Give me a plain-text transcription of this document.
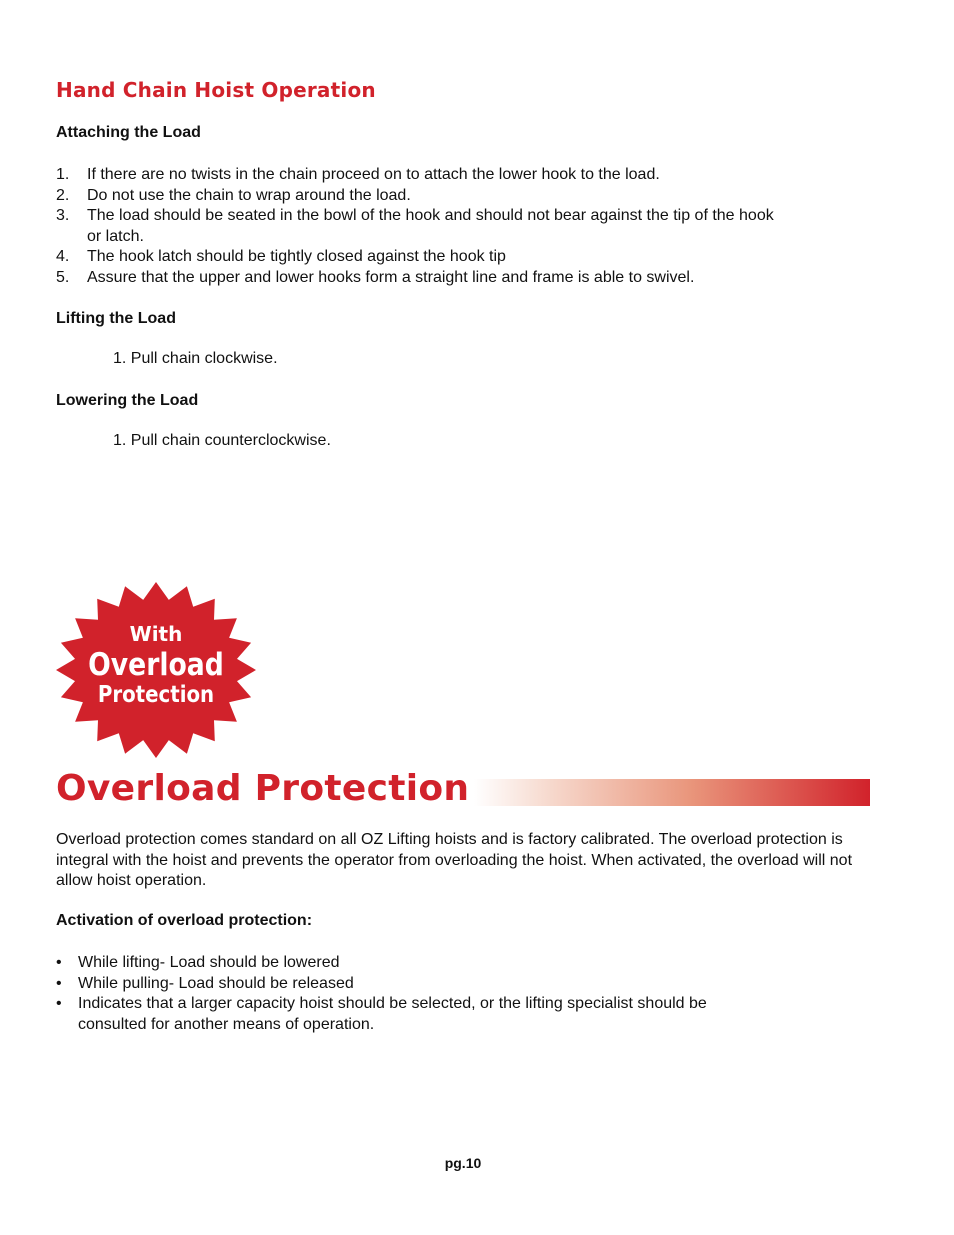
Hand Chain Hoist Operation

Attaching the Load

1. If there are no twists in the chain proceed on to attach the lower hook to the load.
2. Do not use the chain to wrap around the load.
3. The load should be seated in the bowl of the hook and should not bear against the tip of the hook or latch.
4. The hook latch should be tightly closed against the hook tip
5. Assure that the upper and lower hooks form a straight line and frame is able to swivel.

Lifting the Load

1. Pull chain clockwise.

Lowering the Load

1. Pull chain counterclockwise.

With
Overload
Protection
Overload Protection

Overload protection comes standard on all OZ Lifting hoists and is factory calibrated. The overload protection is integral with the hoist and prevents the operator from overloading the hoist. When activated, the overload will not allow hoist operation.

Activation of overload protection:

• While lifting- Load should be lowered
• While pulling- Load should be released
• Indicates that a larger capacity hoist should be selected, or the lifting specialist should be consulted for another means of operation.
pg.10
